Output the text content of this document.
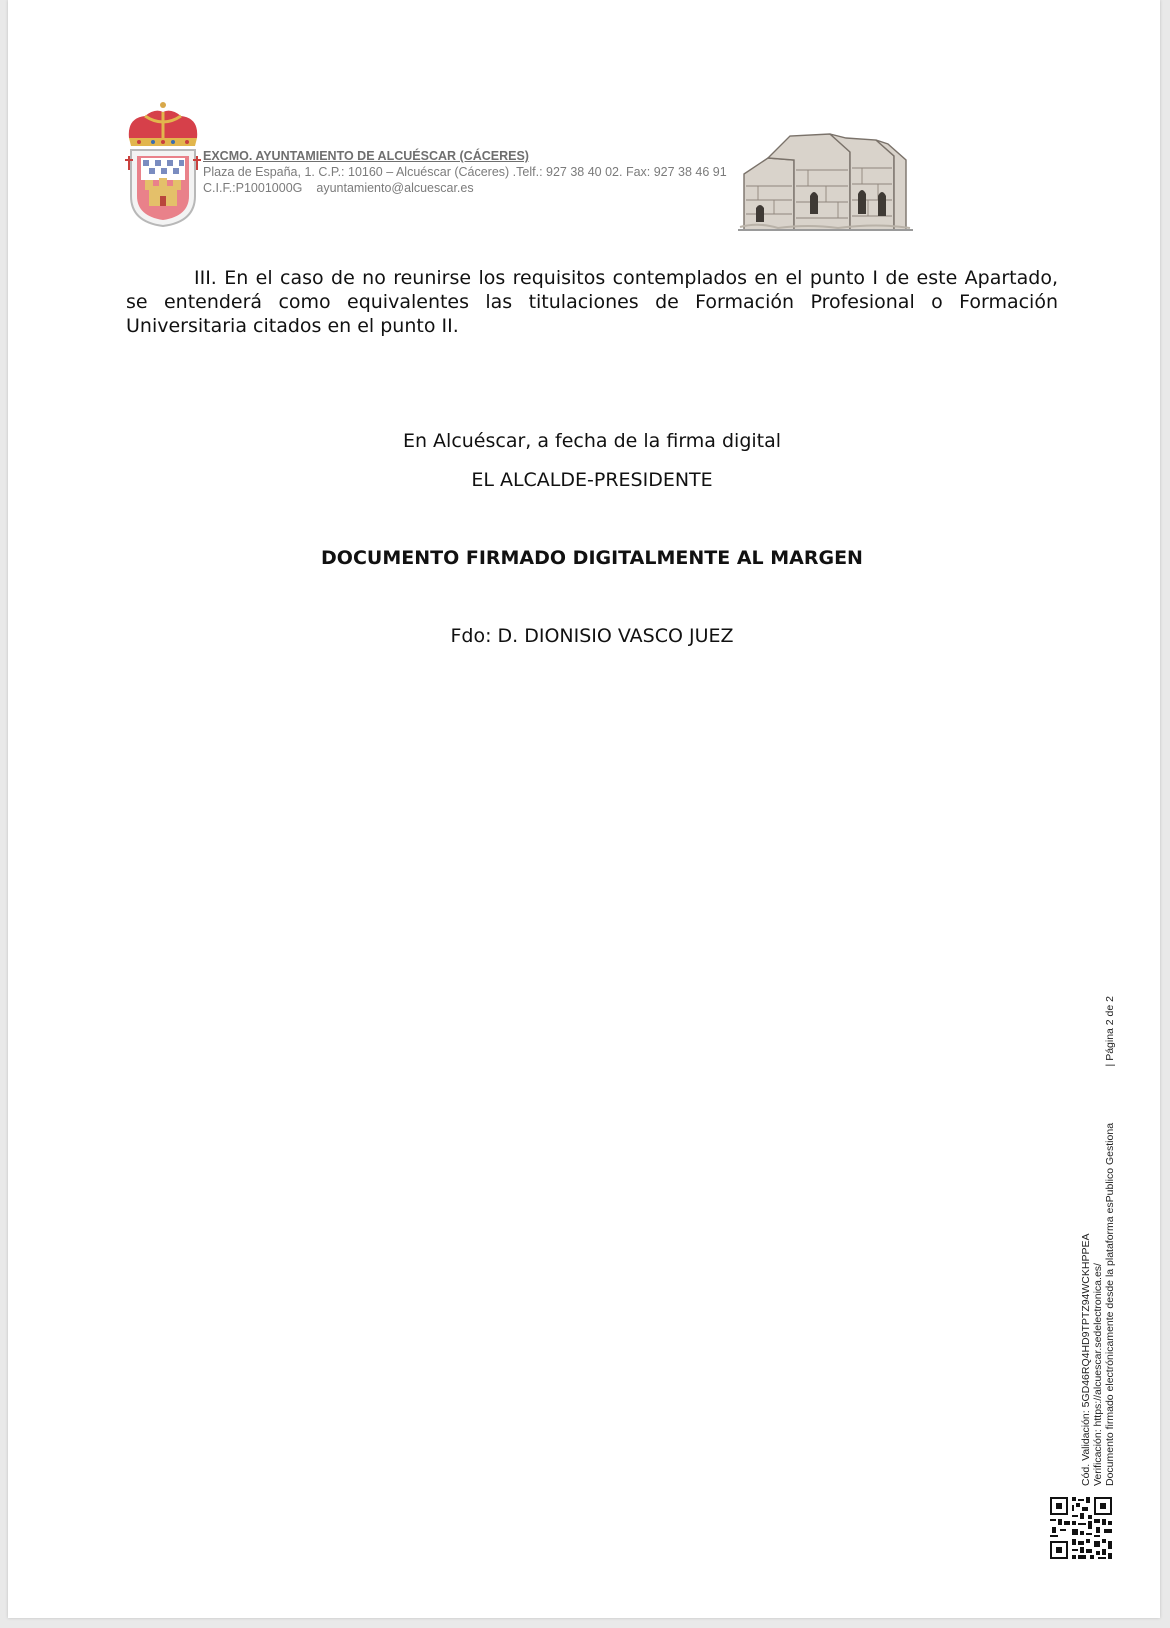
EXCMO. AYUNTAMIENTO DE ALCUÉSCAR (CÁCERES)
Plaza de España, 1. C.P.: 10160 – Alcuéscar (Cáceres) .Telf.: 927 38 40 02. Fax: 927 38 46 91
C.I.F.:P1001000G ayuntamiento@alcuescar.es

III. En el caso de no reunirse los requisitos contemplados en el punto I de este Apartado, se entenderá como equivalentes las titulaciones de Formación Profesional o Formación Universitaria citados en el punto II.

En Alcuéscar, a fecha de la firma digital

EL ALCALDE-PRESIDENTE

DOCUMENTO FIRMADO DIGITALMENTE AL MARGEN

Fdo: D. DIONISIO VASCO JUEZ

Cód. Validación: 5GD46RQ4HD9TPTZ94WCKHPPEA Verificación: https://alcuescar.sedelectronica.es/ Documento firmado electrónicamente desde la plataforma esPublico Gestiona
| Página 2 de 2
